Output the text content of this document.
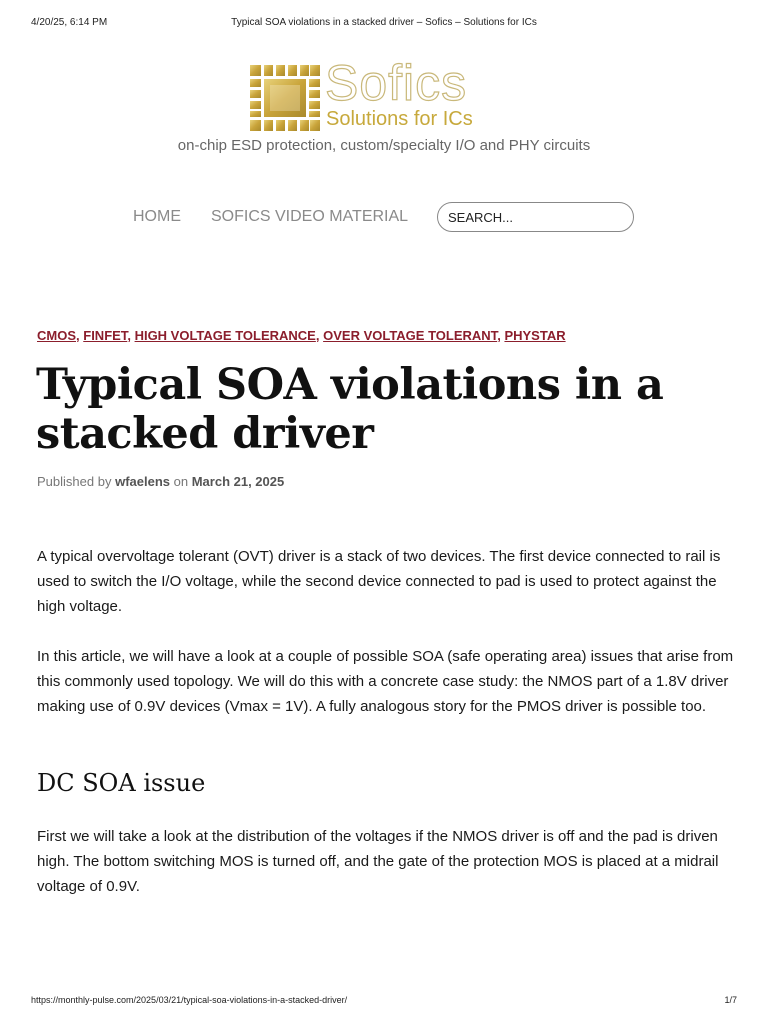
4/20/25, 6:14 PM	Typical SOA violations in a stacked driver – Sofics – Solutions for ICs
Sofics
Solutions for ICs
on-chip ESD protection, custom/specialty I/O and PHY circuits
HOME SOFICS VIDEO MATERIAL
SEARCH...
CMOS, FINFET, HIGH VOLTAGE TOLERANCE, OVER VOLTAGE TOLERANT, PHYSTAR
Typical SOA violations in a stacked driver
Published by wfaelens on March 21, 2025

A typical overvoltage tolerant (OVT) driver is a stack of two devices. The first device connected to rail is used to switch the I/O voltage, while the second device connected to pad is used to protect against the high voltage.

In this article, we will have a look at a couple of possible SOA (safe operating area) issues that arise from this commonly used topology. We will do this with a concrete case study: the NMOS part of a 1.8V driver making use of 0.9V devices (Vmax = 1V). A fully analogous story for the PMOS driver is possible too.

DC SOA issue

First we will take a look at the distribution of the voltages if the NMOS driver is off and the pad is driven high. The bottom switching MOS is turned off, and the gate of the protection MOS is placed at a midrail voltage of 0.9V.

https://monthly-pulse.com/2025/03/21/typical-soa-violations-in-a-stacked-driver/	1/7
